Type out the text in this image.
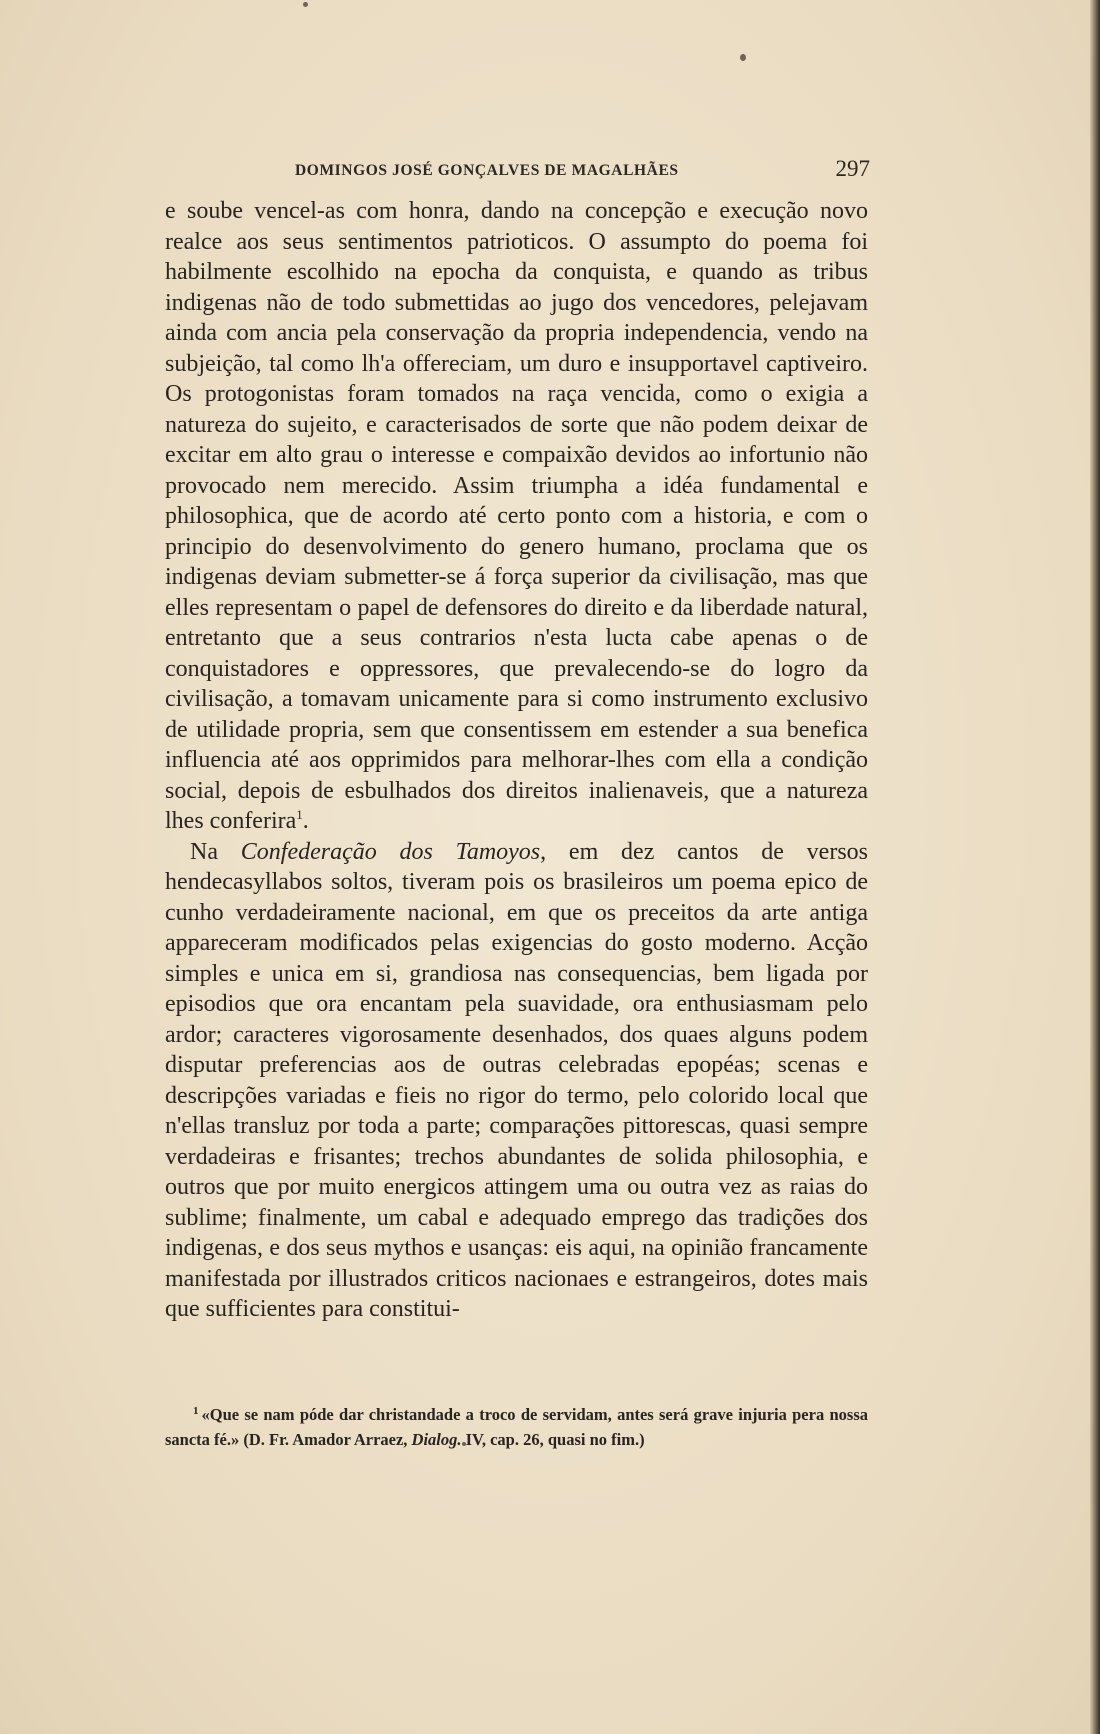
DOMINGOS JOSÉ GONÇALVES DE MAGALHÃES	297

e soube vencel-as com honra, dando na concepção e execução novo realce aos seus sentimentos patrioticos. O assumpto do poema foi habilmente escolhido na epocha da conquista, e quando as tribus indigenas não de todo submettidas ao jugo dos vencedores, pelejavam ainda com ancia pela conservação da propria independencia, vendo na subjeição, tal como lh'a offereciam, um duro e insupportavel captiveiro. Os protogonistas foram tomados na raça vencida, como o exigia a natureza do sujeito, e caracterisados de sorte que não podem deixar de excitar em alto grau o interesse e compaixão devidos ao infortunio não provocado nem merecido. Assim triumpha a idéa fundamental e philosophica, que de acordo até certo ponto com a historia, e com o principio do desenvolvimento do genero humano, proclama que os indigenas deviam submetter-se á força superior da civilisação, mas que elles representam o papel de defensores do direito e da liberdade natural, entretanto que a seus contrarios n'esta lucta cabe apenas o de conquistadores e oppressores, que prevalecendo-se do logro da civilisação, a tomavam unicamente para si como instrumento exclusivo de utilidade propria, sem que consentissem em estender a sua benefica influencia até aos opprimidos para melhorar-lhes com ella a condição social, depois de esbulhados dos direitos inalienaveis, que a natureza lhes conferira$^1$.

Na Confederação dos Tamoyos, em dez cantos de versos hendecasyllabos soltos, tiveram pois os brasileiros um poema epico de cunho verdadeiramente nacional, em que os preceitos da arte antiga appareceram modificados pelas exigencias do gosto moderno. Acção simples e unica em si, grandiosa nas consequencias, bem ligada por episodios que ora encantam pela suavidade, ora enthusiasmam pelo ardor; caracteres vigorosamente desenhados, dos quaes alguns podem disputar preferencias aos de outras celebradas epopéas; scenas e descripções variadas e fieis no rigor do termo, pelo colorido local que n'ellas transluz por toda a parte; comparações pittorescas, quasi sempre verdadeiras e frisantes; trechos abundantes de solida philosophia, e outros que por muito energicos attingem uma ou outra vez as raias do sublime; finalmente, um cabal e adequado emprego das tradições dos indigenas, e dos seus mythos e usanças: eis aqui, na opinião francamente manifestada por illustrados criticos nacionaes e estrangeiros, dotes mais que sufficientes para constitui-

$^1$ «Que se nam póde dar christandade a troco de servidam, antes será grave injuria pera nossa sancta fé.» (D. Fr. Amador Arraez, Dialog. IV, cap. 26, quasi no fim.)
